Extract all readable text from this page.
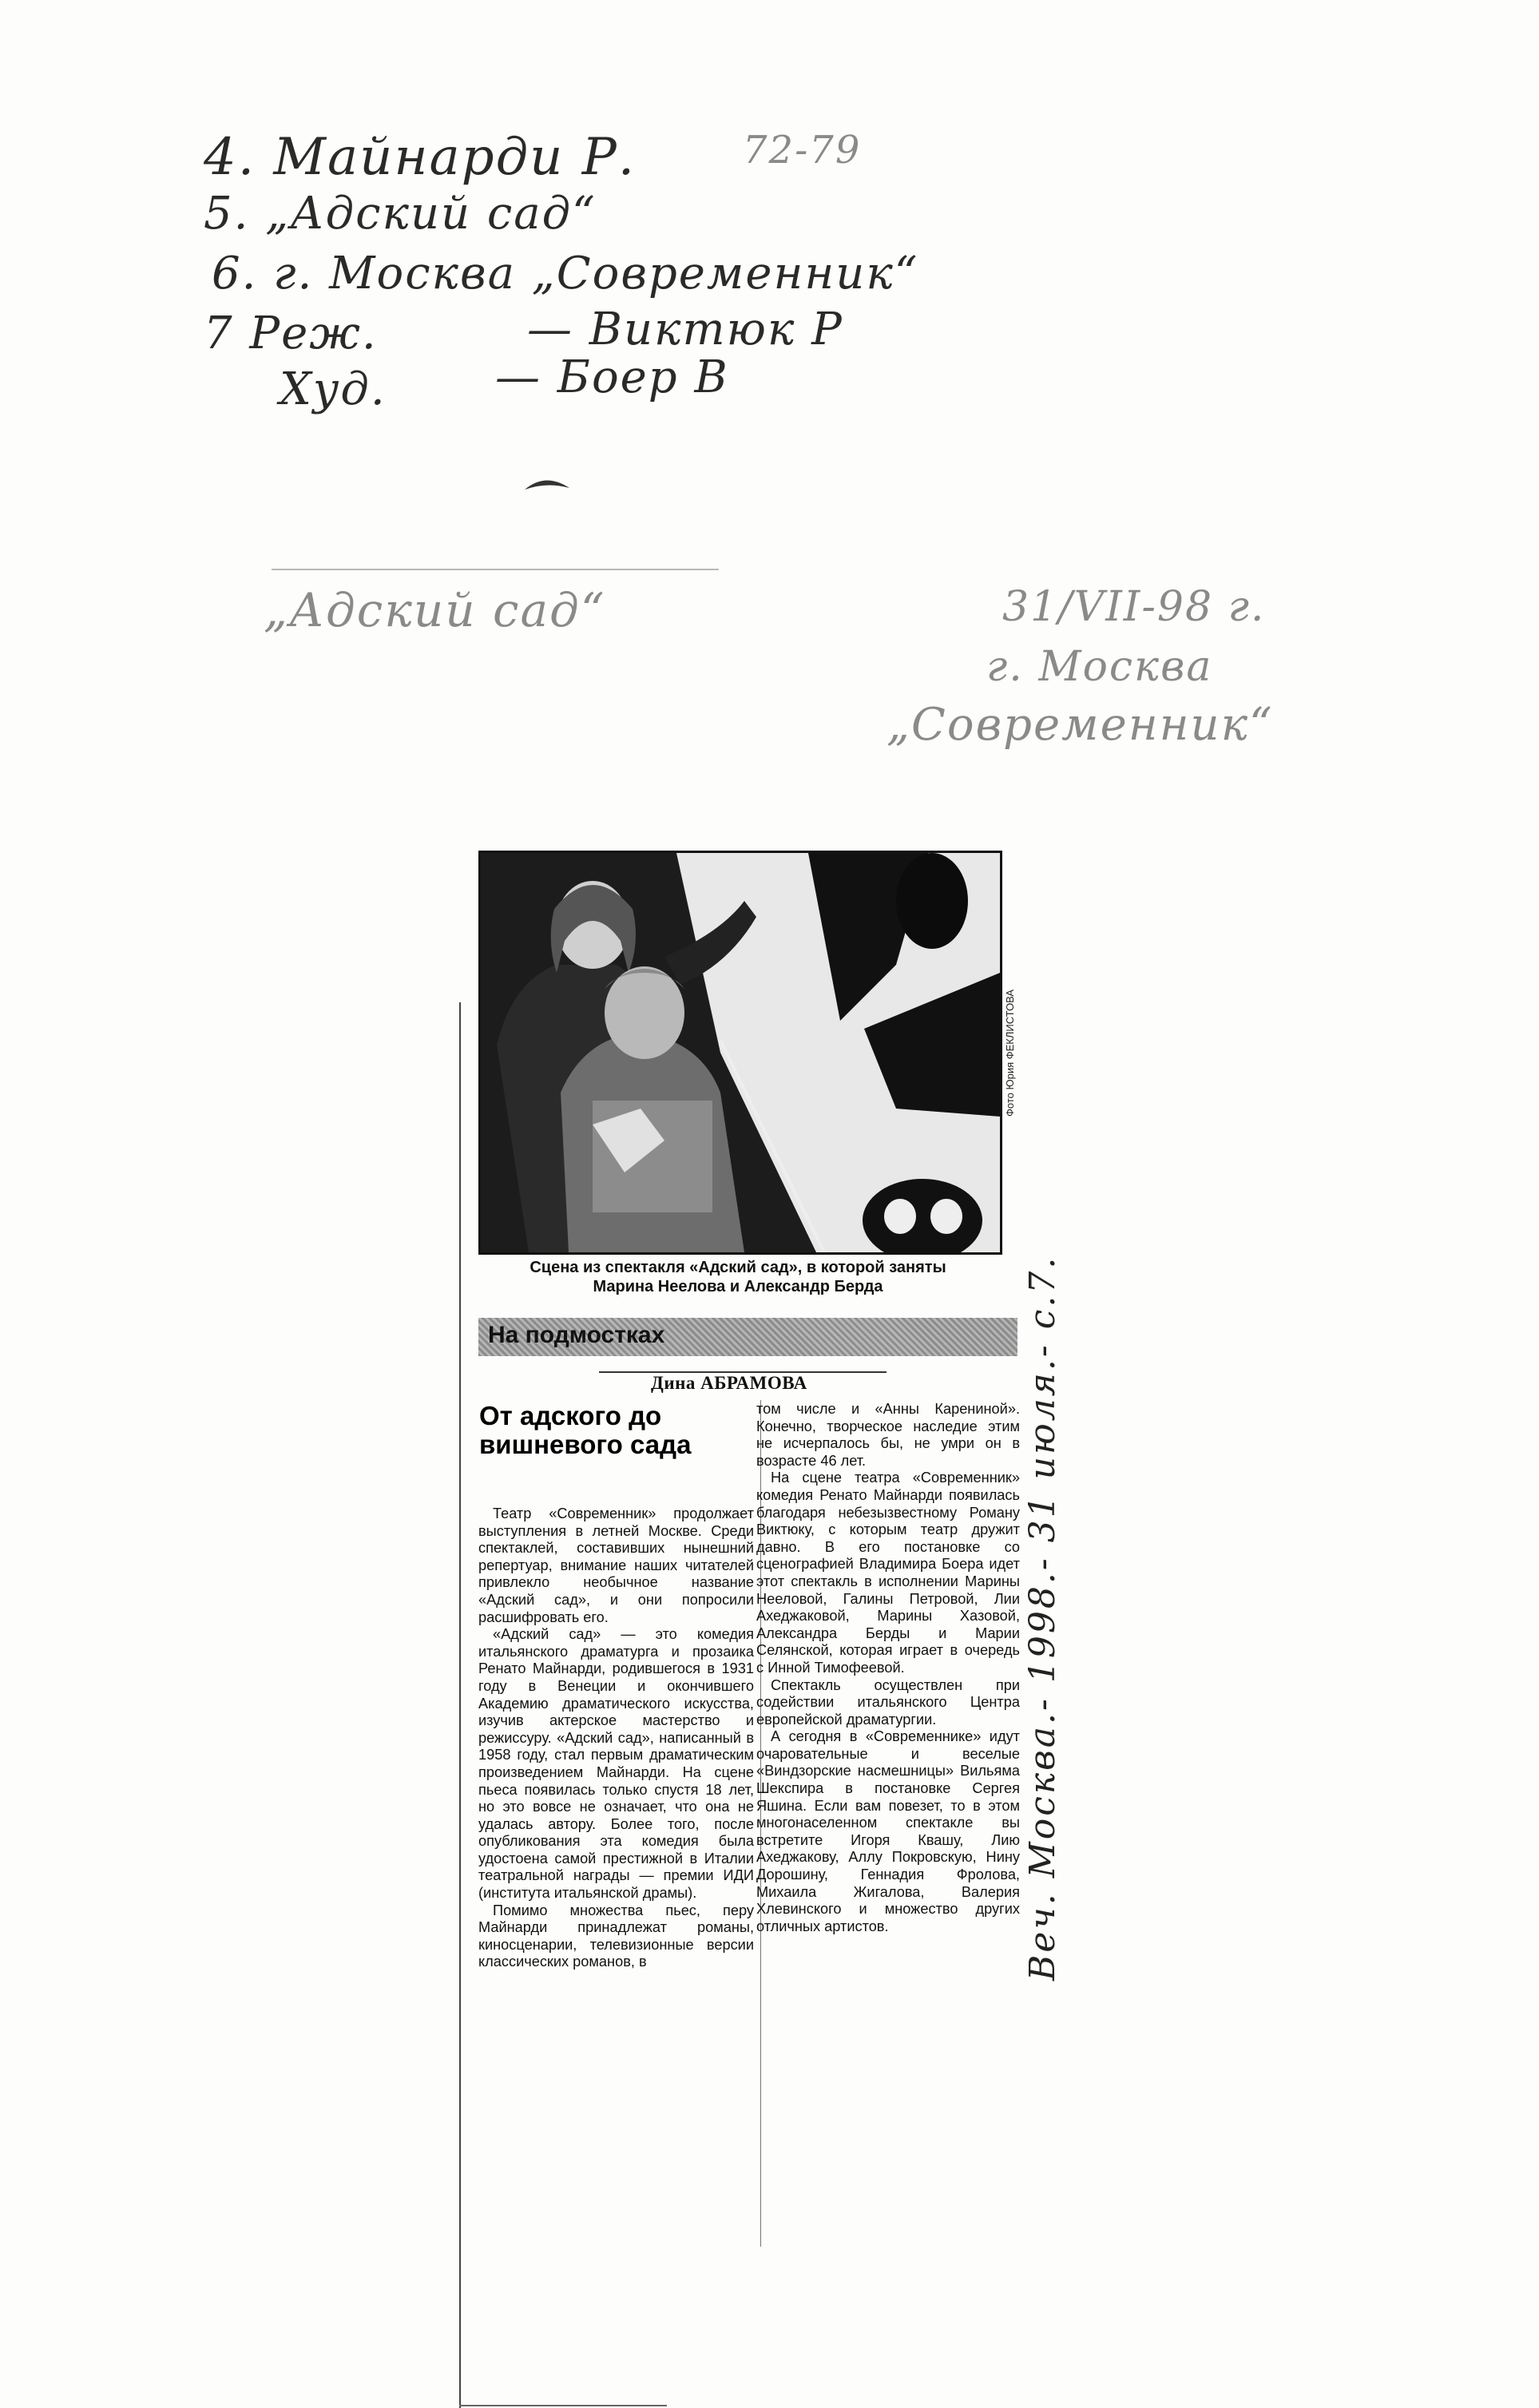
4. Майнарди Р.	72-79
5. „Адский сад“
6. г. Москва „Современник“
7 Реж.	— Виктюк Р
Худ. — Боер В
„Адский сад“	31/VII-98 г.
г. Москва
„Современник“
Фото Юрия ФЕКЛИСТОВА
Сцена из спектакля «Адский сад», в которой заняты
Марина Неелова и Александр Берда
На подмостках
Дина АБРАМОВА
От адского до вишневого сада

Театр «Современник» продолжает выступления в летней Москве. Среди спектаклей, составивших нынешний репертуар, внимание наших читателей привлекло необычное название «Адский сад», и они попросили расшифровать его.

«Адский сад» — это комедия итальянского драматурга и прозаика Ренато Майнарди, родившегося в 1931 году в Венеции и окончившего Академию драматического искусства, изучив актерское мастерство и режиссуру. «Адский сад», написанный в 1958 году, стал первым драматическим произведением Майнарди. На сцене пьеса появилась только спустя 18 лет, но это вовсе не означает, что она не удалась автору. Более того, после опубликования эта комедия была удостоена самой престижной в Италии театральной награды — премии ИДИ (института итальянской драмы).

Помимо множества пьес, перу Майнарди принадлежат романы, киносценарии, телевизионные версии классических романов, в

том числе и «Анны Карениной». Конечно, творческое наследие этим не исчерпалось бы, не умри он в возрасте 46 лет.

На сцене театра «Современник» комедия Ренато Майнарди появилась благодаря небезызвестному Роману Виктюку, с которым театр дружит давно. В его постановке со сценографией Владимира Боера идет этот спектакль в исполнении Марины Нееловой, Галины Петровой, Лии Ахеджаковой, Марины Хазовой, Александра Берды и Марии Селянской, которая играет в очередь с Инной Тимофеевой.

Спектакль осуществлен при содействии итальянского Центра европейской драматургии.

А сегодня в «Современнике» идут очаровательные и веселые «Виндзорские насмешницы» Вильяма Шекспира в постановке Сергея Яшина. Если вам повезет, то в этом многонаселенном спектакле вы встретите Игоря Квашу, Лию Ахеджакову, Аллу Покровскую, Нину Дорошину, Геннадия Фролова, Михаила Жигалова, Валерия Хлевинского и множество других отличных артистов.	Веч. Москва.- 1998.- 31 июля.- с.7.
